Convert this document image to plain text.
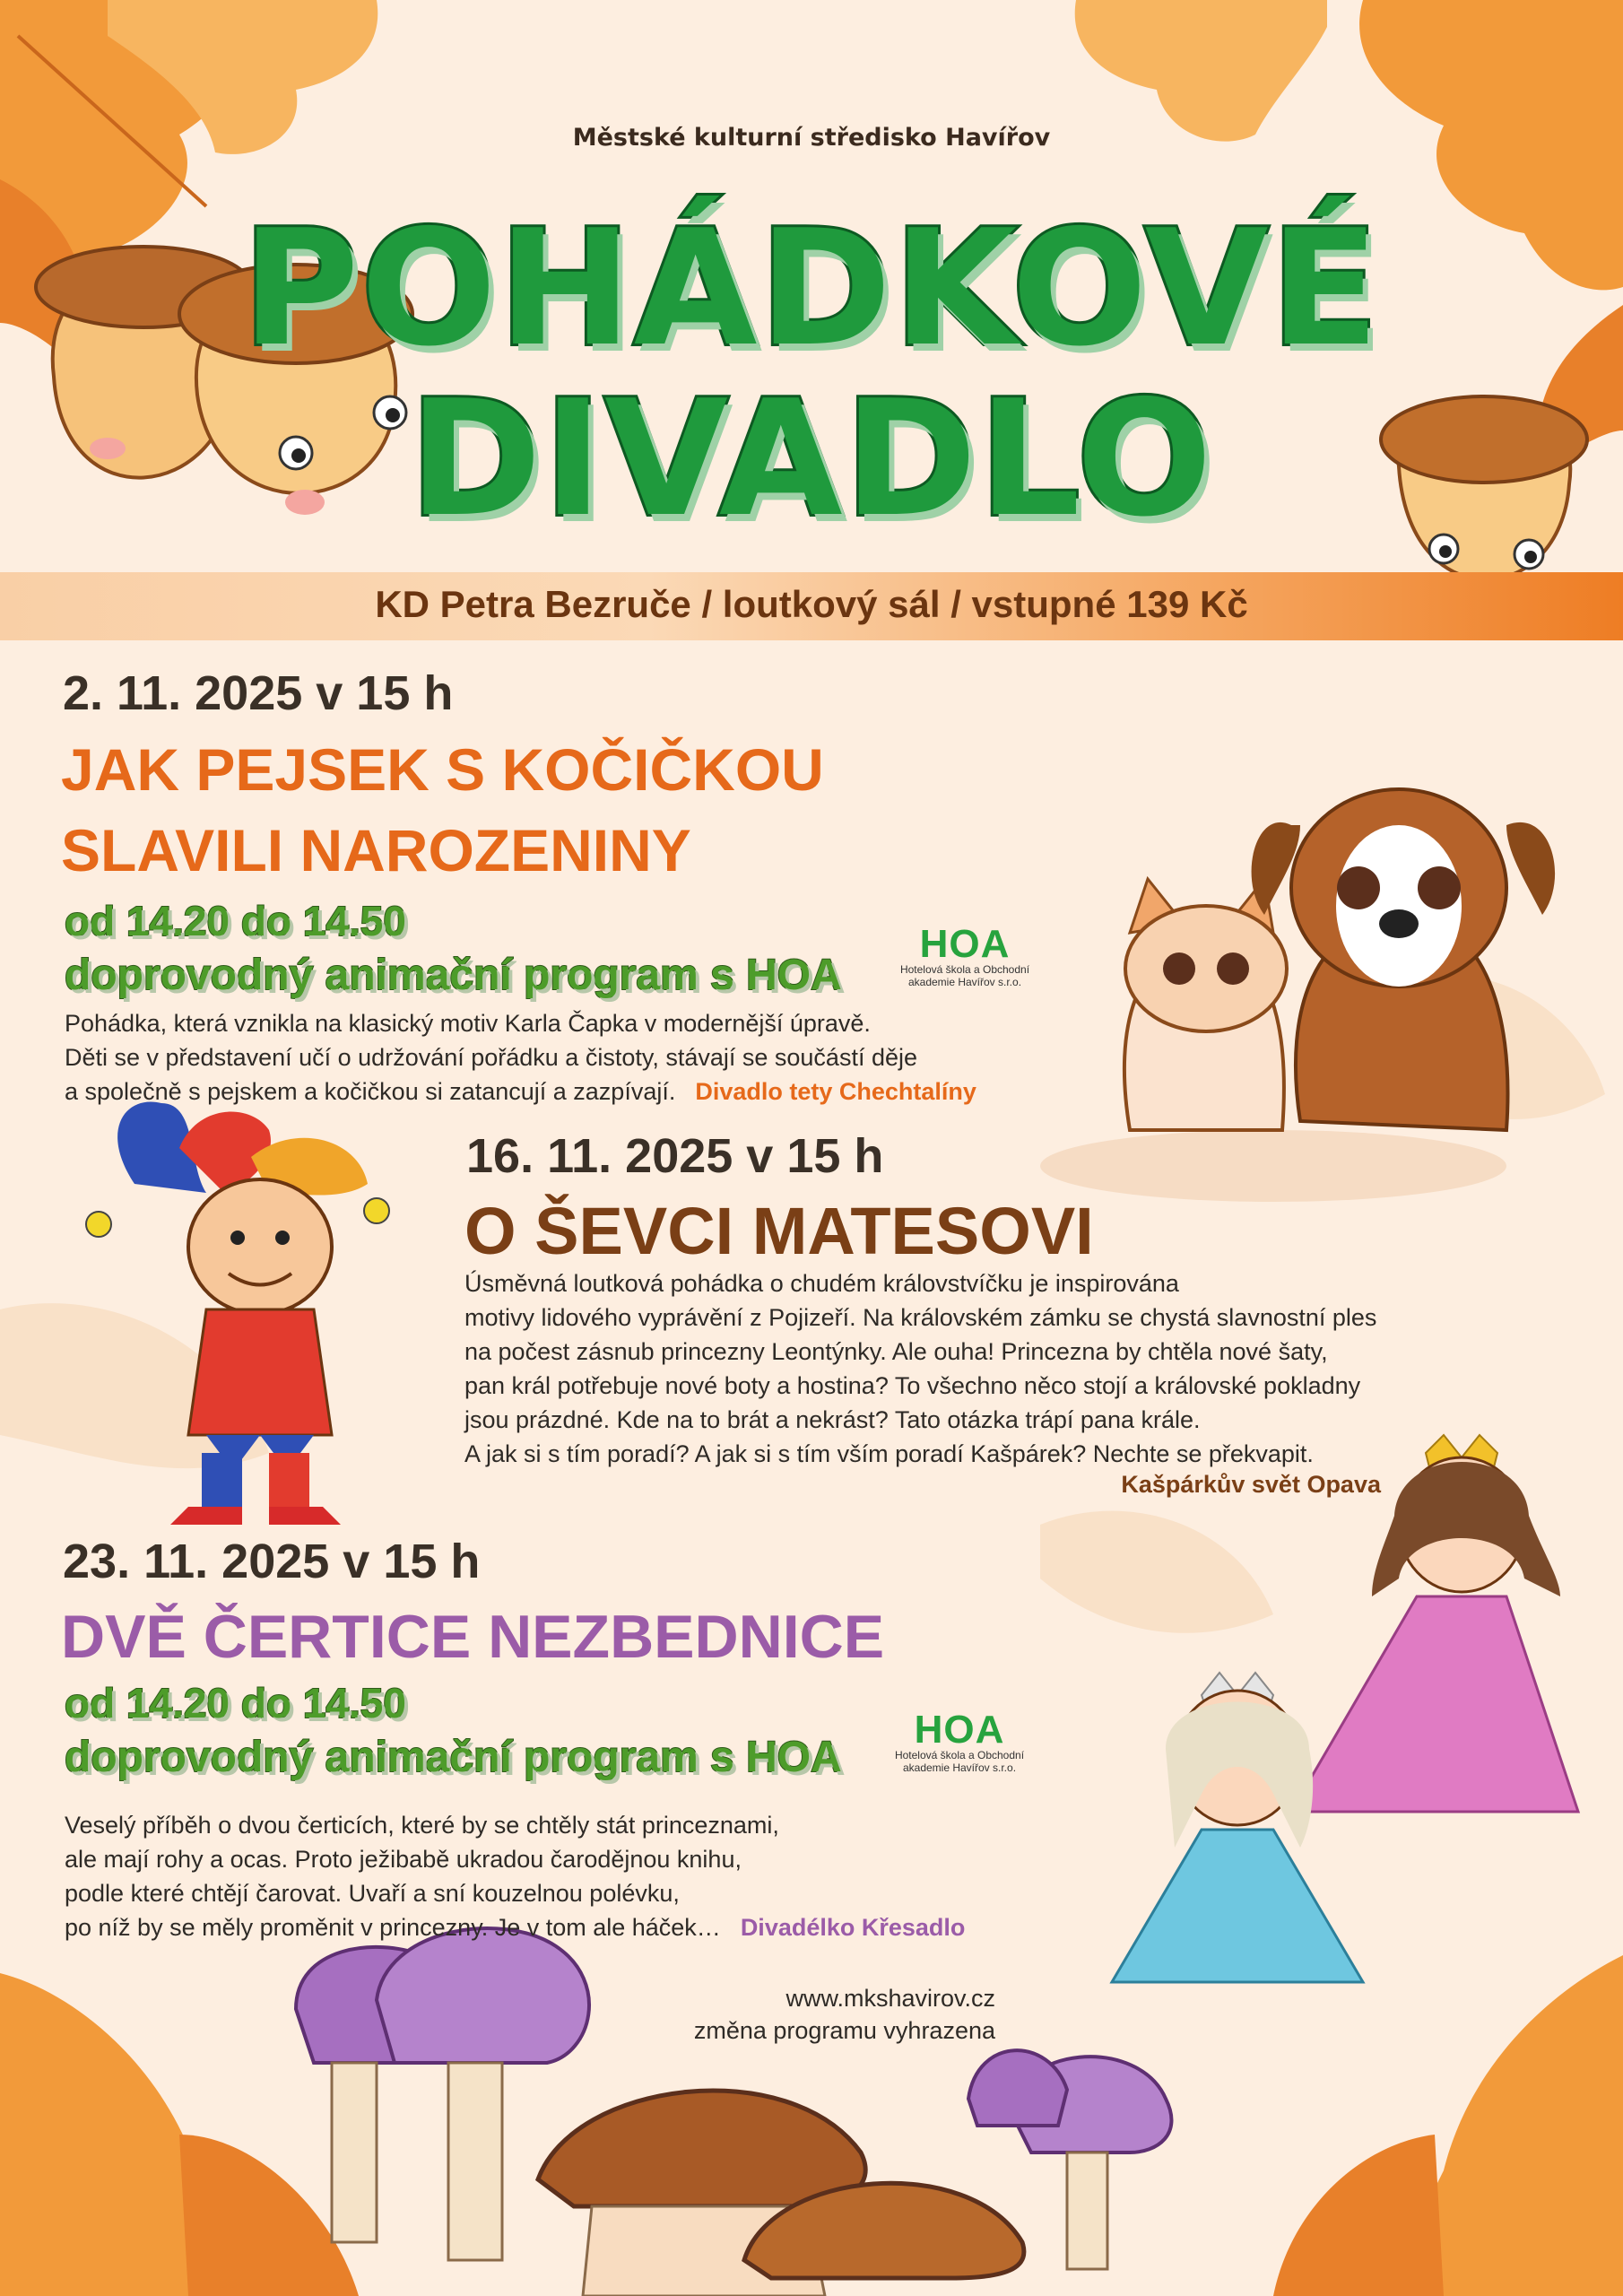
Městské kulturní středisko Havířov
POHÁDKOVÉ
DIVADLO
KD Petra Bezruče / loutkový sál / vstupné 139 Kč
2. 11. 2025 v 15 h
JAK PEJSEK S KOČIČKOU
SLAVILI NAROZENINY
od 14.20 do 14.50
doprovodný animační program s HOA
HOA
Hotelová škola a Obchodní
akademie Havířov s.r.o.
Pohádka, která vznikla na klasický motiv Karla Čapka v modernější úpravě.
Děti se v představení učí o udržování pořádku a čistoty, stávají se součástí děje
a společně s pejskem a kočičkou si zatancují a zazpívají. Divadlo tety Chechtalíny
16. 11. 2025 v 15 h
O ŠEVCI MATESOVI
Úsměvná loutková pohádka o chudém královstvíčku je inspirována
motivy lidového vyprávění z Pojizeří. Na královském zámku se chystá slavnostní ples
na počest zásnub princezny Leontýnky. Ale ouha! Princezna by chtěla nové šaty,
pan král potřebuje nové boty a hostina? To všechno něco stojí a královské pokladny
jsou prázdné. Kde na to brát a nekrást? Tato otázka trápí pana krále.
A jak si s tím poradí? A jak si s tím vším poradí Kašpárek? Nechte se překvapit.
Kašpárkův svět Opava
23. 11. 2025 v 15 h
DVĚ ČERTICE NEZBEDNICE
od 14.20 do 14.50
doprovodný animační program s HOA
HOA
Hotelová škola a Obchodní
akademie Havířov s.r.o.
Veselý příběh o dvou čerticích, které by se chtěly stát princeznami,
ale mají rohy a ocas. Proto ježibabě ukradou čarodějnou knihu,
podle které chtějí čarovat. Uvaří a sní kouzelnou polévku,
po níž by se měly proměnit v princezny. Je v tom ale háček… Divadélko Křesadlo
www.mkshavirov.cz
změna programu vyhrazena
